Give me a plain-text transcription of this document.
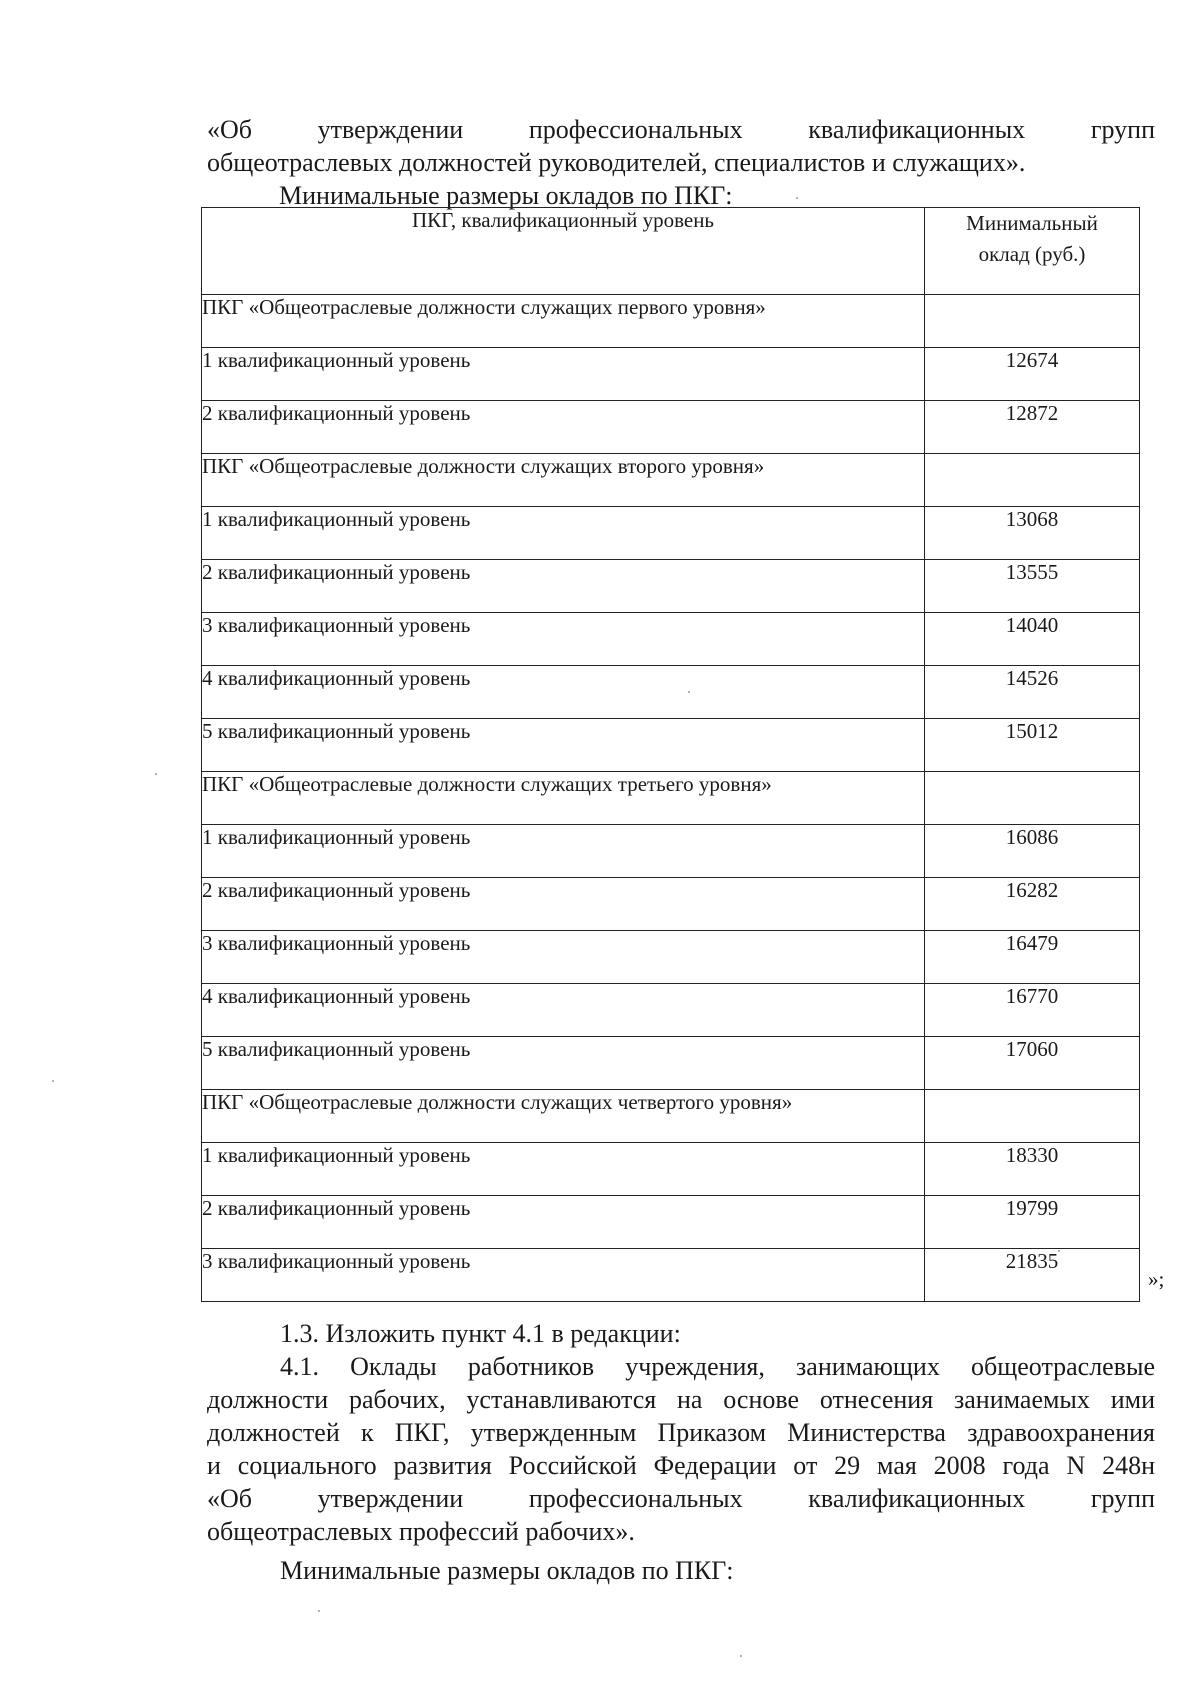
«Об	утверждении	профессиональных	квалификационных	групп
общеотраслевых должностей руководителей, специалистов и служащих».
Минимальные размеры окладов по ПКГ:
ПКГ, квалификационный уровень	Минимальный
оклад (руб.)

ПКГ «Общеотраслевые должности служащих первого уровня»	
1 квалификационный уровень	12674
2 квалификационный уровень	12872
ПКГ «Общеотраслевые должности служащих второго уровня»	
1 квалификационный уровень	13068
2 квалификационный уровень	13555
3 квалификационный уровень	14040
4 квалификационный уровень	14526
5 квалификационный уровень	15012
ПКГ «Общеотраслевые должности служащих третьего уровня»	
1 квалификационный уровень	16086
2 квалификационный уровень	16282
3 квалификационный уровень	16479
4 квалификационный уровень	16770
5 квалификационный уровень	17060
ПКГ «Общеотраслевые должности служащих четвертого уровня»	
1 квалификационный уровень	18330
2 квалификационный уровень	19799
3 квалификационный уровень	21835
»;
1.3. Изложить пункт 4.1 в редакции:
4.1. Оклады работников учреждения, занимающих общеотраслевые
должности рабочих, устанавливаются на основе отнесения занимаемых ими
должностей к ПКГ, утвержденным Приказом Министерства здравоохранения
и социального развития Российской Федерации от 29 мая 2008 года N 248н
«Об	утверждении	профессиональных	квалификационных	групп
общеотраслевых профессий рабочих».
Минимальные размеры окладов по ПКГ:
